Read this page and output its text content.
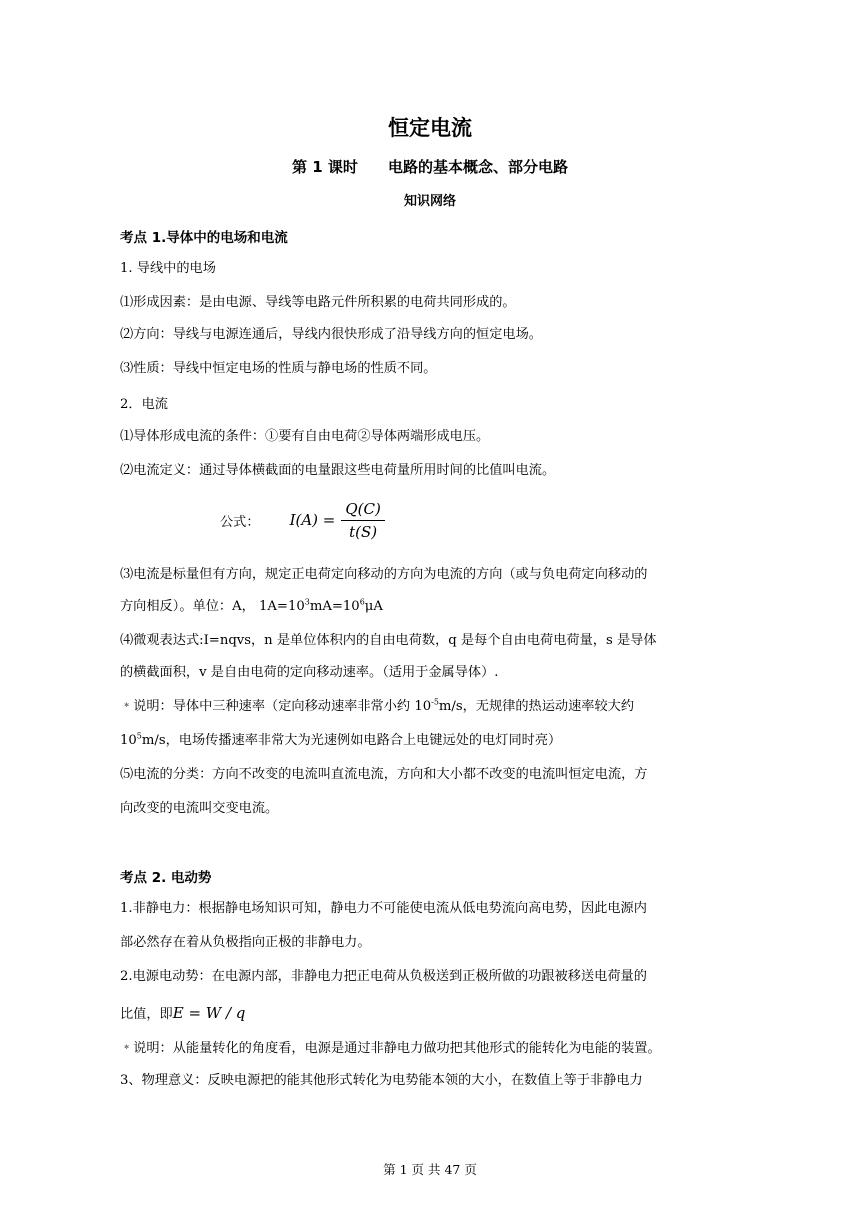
恒定电流
第 1 课时 电路的基本概念、部分电路
知识网络
考点 1.导体中的电场和电流
1. 导线中的电场
⑴形成因素：是由电源、导线等电路元件所积累的电荷共同形成的。
⑵方向：导线与电源连通后，导线内很快形成了沿导线方向的恒定电场。
⑶性质：导线中恒定电场的性质与静电场的性质不同。
2．电流
⑴导体形成电流的条件：①要有自由电荷②导体两端形成电压。
⑵电流定义：通过导体横截面的电量跟这些电荷量所用时间的比值叫电流。
公式： $I(A) = \frac{Q(C)}{t(S)}$
⑶电流是标量但有方向，规定正电荷定向移动的方向为电流的方向（或与负电荷定向移动的
方向相反）。单位：A， $1A=10^3mA=10^6\mu A$
⑷微观表达式:I=nqvs，n 是单位体积内的自由电荷数，q 是每个自由电荷电荷量，s 是导体
的横截面积，v 是自由电荷的定向移动速率。（适用于金属导体）.
﹡说明：导体中三种速率（定向移动速率非常小约 $10^{-5}m/s$，无规律的热运动速率较大约
$10^5m/s$，电场传播速率非常大为光速例如电路合上电键远处的电灯同时亮）
⑸电流的分类：方向不改变的电流叫直流电流，方向和大小都不改变的电流叫恒定电流，方
向改变的电流叫交变电流。
考点 2. 电动势
1.非静电力：根据静电场知识可知，静电力不可能使电流从低电势流向高电势，因此电源内
部必然存在着从负极指向正极的非静电力。
2.电源电动势：在电源内部，非静电力把正电荷从负极送到正极所做的功跟被移送电荷量的
比值，即E = W / q
﹡说明：从能量转化的角度看，电源是通过非静电力做功把其他形式的能转化为电能的装置。
3、物理意义：反映电源把的能其他形式转化为电势能本领的大小，在数值上等于非静电力
第 1 页 共 47 页
